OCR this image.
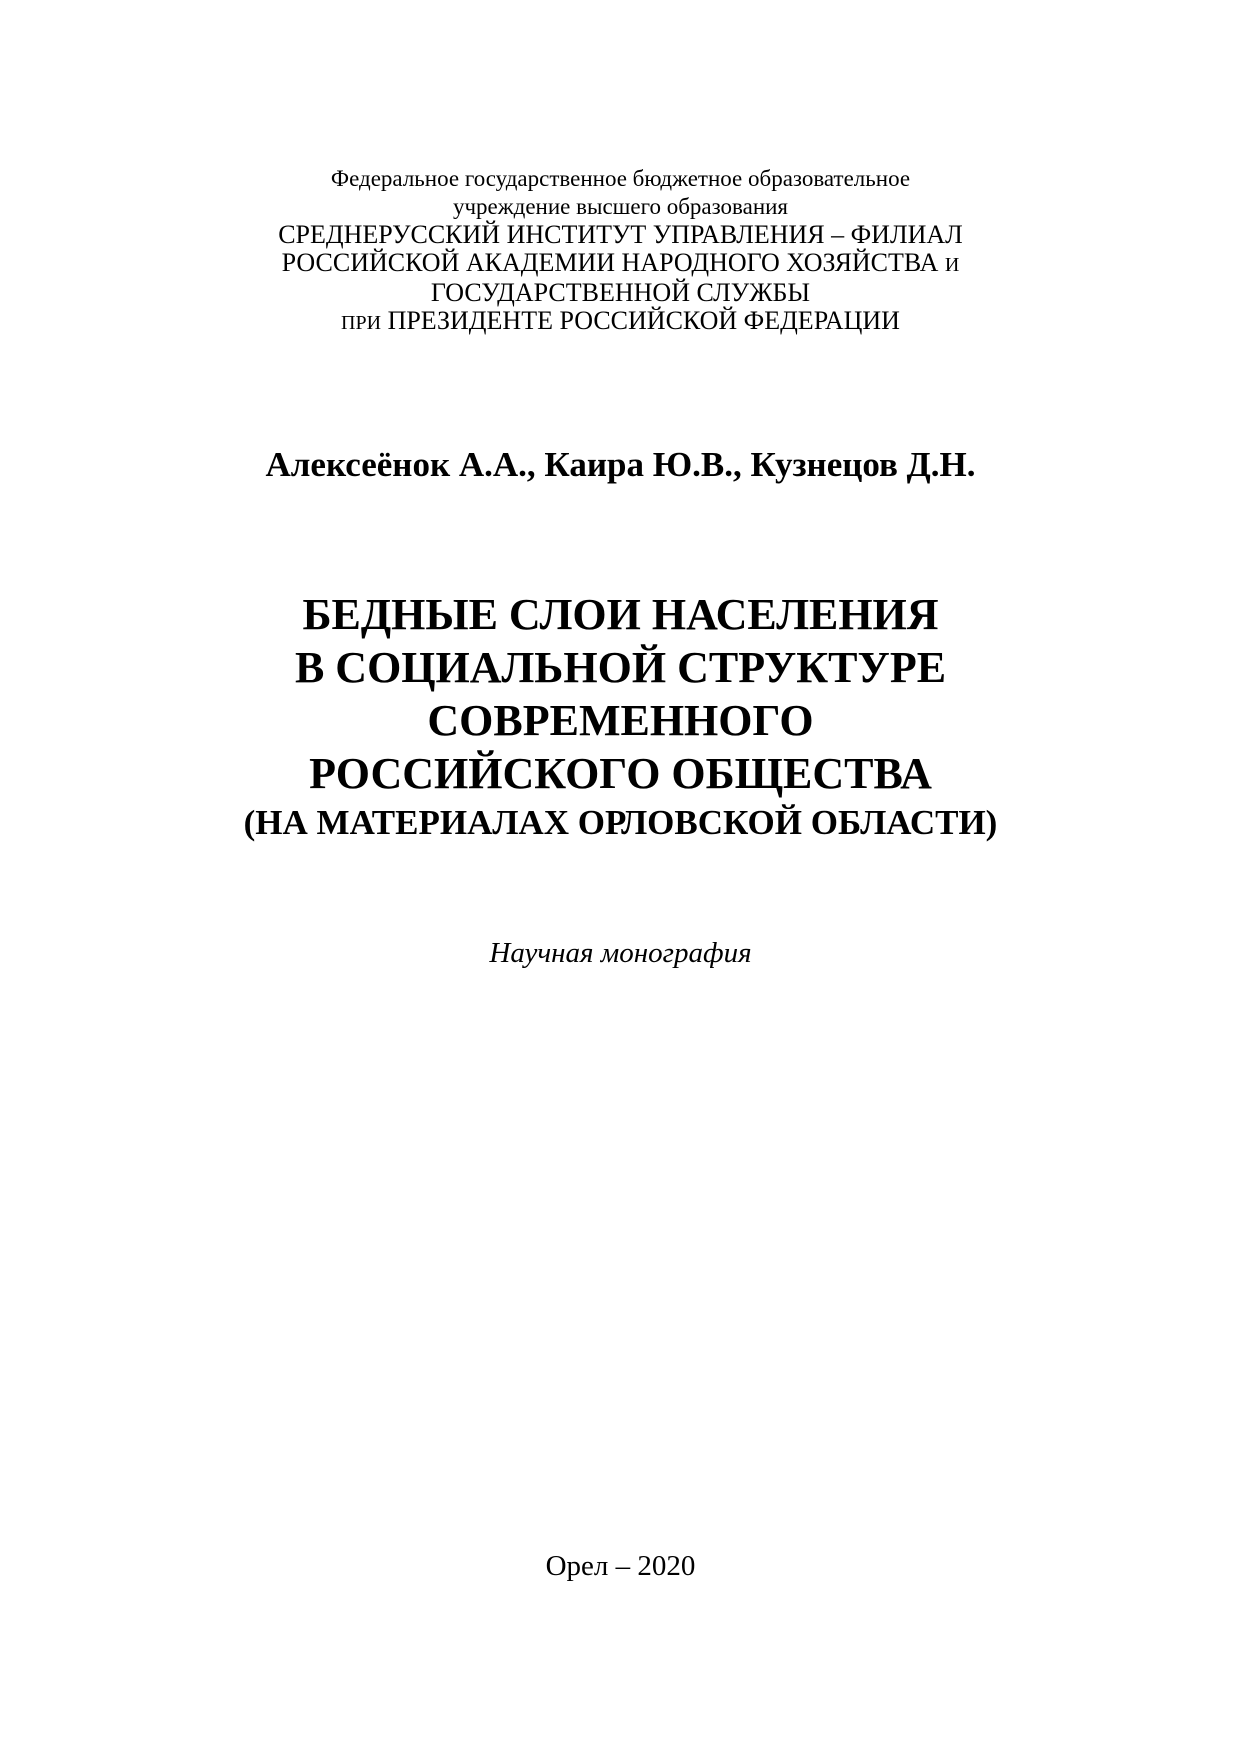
Федеральное государственное бюджетное образовательное
учреждение высшего образования
СРЕДНЕРУССКИЙ ИНСТИТУТ УПРАВЛЕНИЯ – ФИЛИАЛ
РОССИЙСКОЙ АКАДЕМИИ НАРОДНОГО ХОЗЯЙСТВА И
ГОСУДАРСТВЕННОЙ СЛУЖБЫ
ПРИ ПРЕЗИДЕНТЕ РОССИЙСКОЙ ФЕДЕРАЦИИ
Алексеёнок А.А., Каира Ю.В., Кузнецов Д.Н.
БЕДНЫЕ СЛОИ НАСЕЛЕНИЯ
В СОЦИАЛЬНОЙ СТРУКТУРЕ
СОВРЕМЕННОГО
РОССИЙСКОГО ОБЩЕСТВА
(НА МАТЕРИАЛАХ ОРЛОВСКОЙ ОБЛАСТИ)
Научная монография
Орел – 2020
